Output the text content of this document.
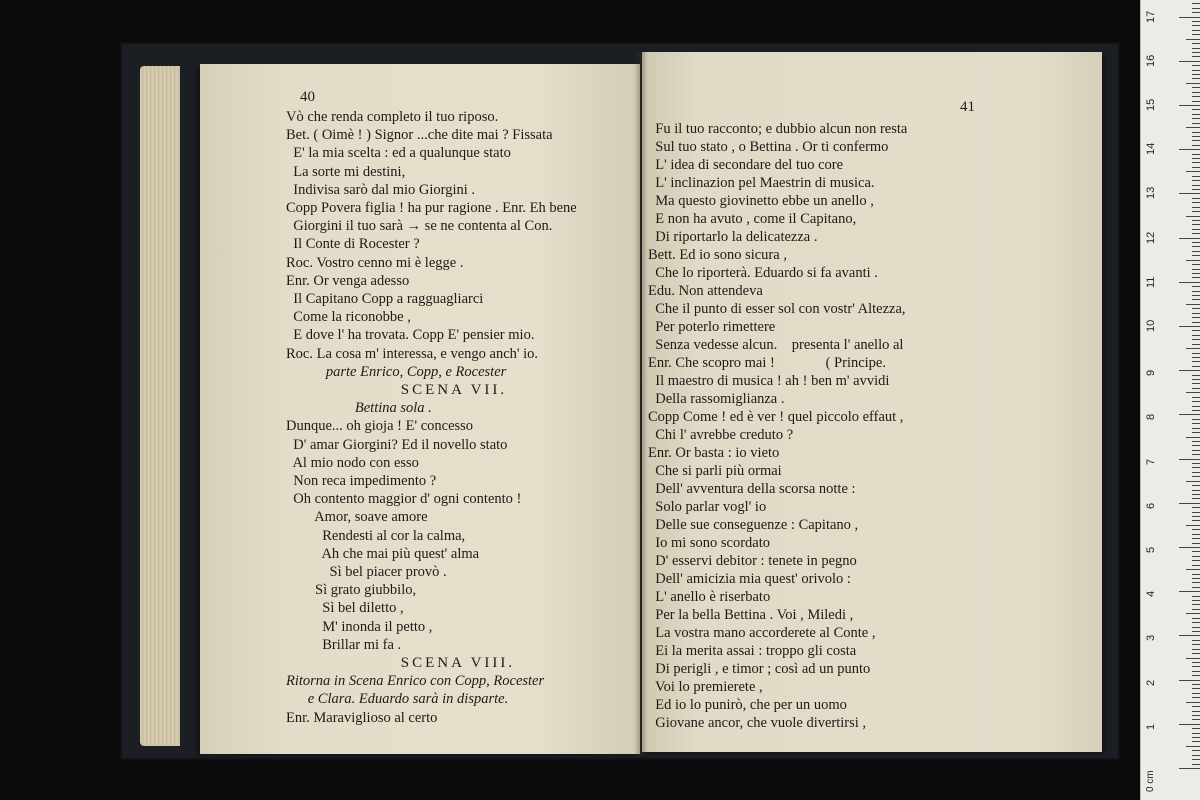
40

Vò che renda completo il tuo riposo.
Bet. ( Oimè ! ) Signor ...che dite mai ? Fissata
E' la mia scelta : ed a qualunque stato
La sorte mi destini,
Indivisa sarò dal mio Giorgini .
Copp Povera figlia ! ha pur ragione . Enr. Eh bene
Giorgini il tuo sarà → se ne contenta al Con.
Il Conte di Rocester ?
Roc. Vostro cenno mi è legge .
Enr. Or venga adesso
Il Capitano Copp a ragguagliarci
Come la riconobbe ,
E dove l' ha trovata. Copp E' pensier mio.
Roc. La cosa m' interessa, e vengo anch' io.
parte Enrico, Copp, e Rocester
SCENA VII.
Bettina sola .
Dunque... oh gioja ! E' concesso
D' amar Giorgini? Ed il novello stato
Al mio nodo con esso
Non reca impedimento ?
Oh contento maggior d' ogni contento !
Amor, soave amore
Rendesti al cor la calma,
Ah che mai più quest' alma
Sì bel piacer provò .
Sì grato giubbilo,
Sì bel diletto ,
M' inonda il petto ,
Brillar mi fa .
SCENA VIII.
Ritorna in Scena Enrico con Copp, Rocester
e Clara. Eduardo sarà in disparte.
Enr. Maraviglioso al certo

41

Fu il tuo racconto; e dubbio alcun non resta
Sul tuo stato , o Bettina . Or ti confermo
L' idea di secondare del tuo core
L' inclinazion pel Maestrin di musica.
Ma questo giovinetto ebbe un anello ,
E non ha avuto , come il Capitano,
Di riportarlo la delicatezza .
Bett. Ed io sono sicura ,
Che lo riporterà. Eduardo si fa avanti .
Edu. Non attendeva
Che il punto di esser sol con vostr' Altezza,
Per poterlo rimettere
Senza vedesse alcun.    presenta l' anello al
Enr. Che scopro mai !              ( Principe.
Il maestro di musica ! ah ! ben m' avvidi
Della rassomiglianza .
Copp Come ! ed è ver ! quel piccolo effaut ,
Chi l' avrebbe creduto ?
Enr. Or basta : io vieto
Che si parli più ormai
Dell' avventura della scorsa notte :
Solo parlar vogl' io
Delle sue conseguenze : Capitano ,
Io mi sono scordato
D' esservi debitor : tenete in pegno
Dell' amicizia mia quest' orivolo :
L' anello è riserbato
Per la bella Bettina . Voi , Miledi ,
La vostra mano accorderete al Conte ,
Ei la merita assai : troppo gli costa
Di perigli , e timor ; così ad un punto
Voi lo premierete ,
Ed io lo punirò, che per un uomo
Giovane ancor, che vuole divertirsi ,	1
2
3
4
5
6
7
8
9
10
11
12
13
14
15
16
17
0 cm
